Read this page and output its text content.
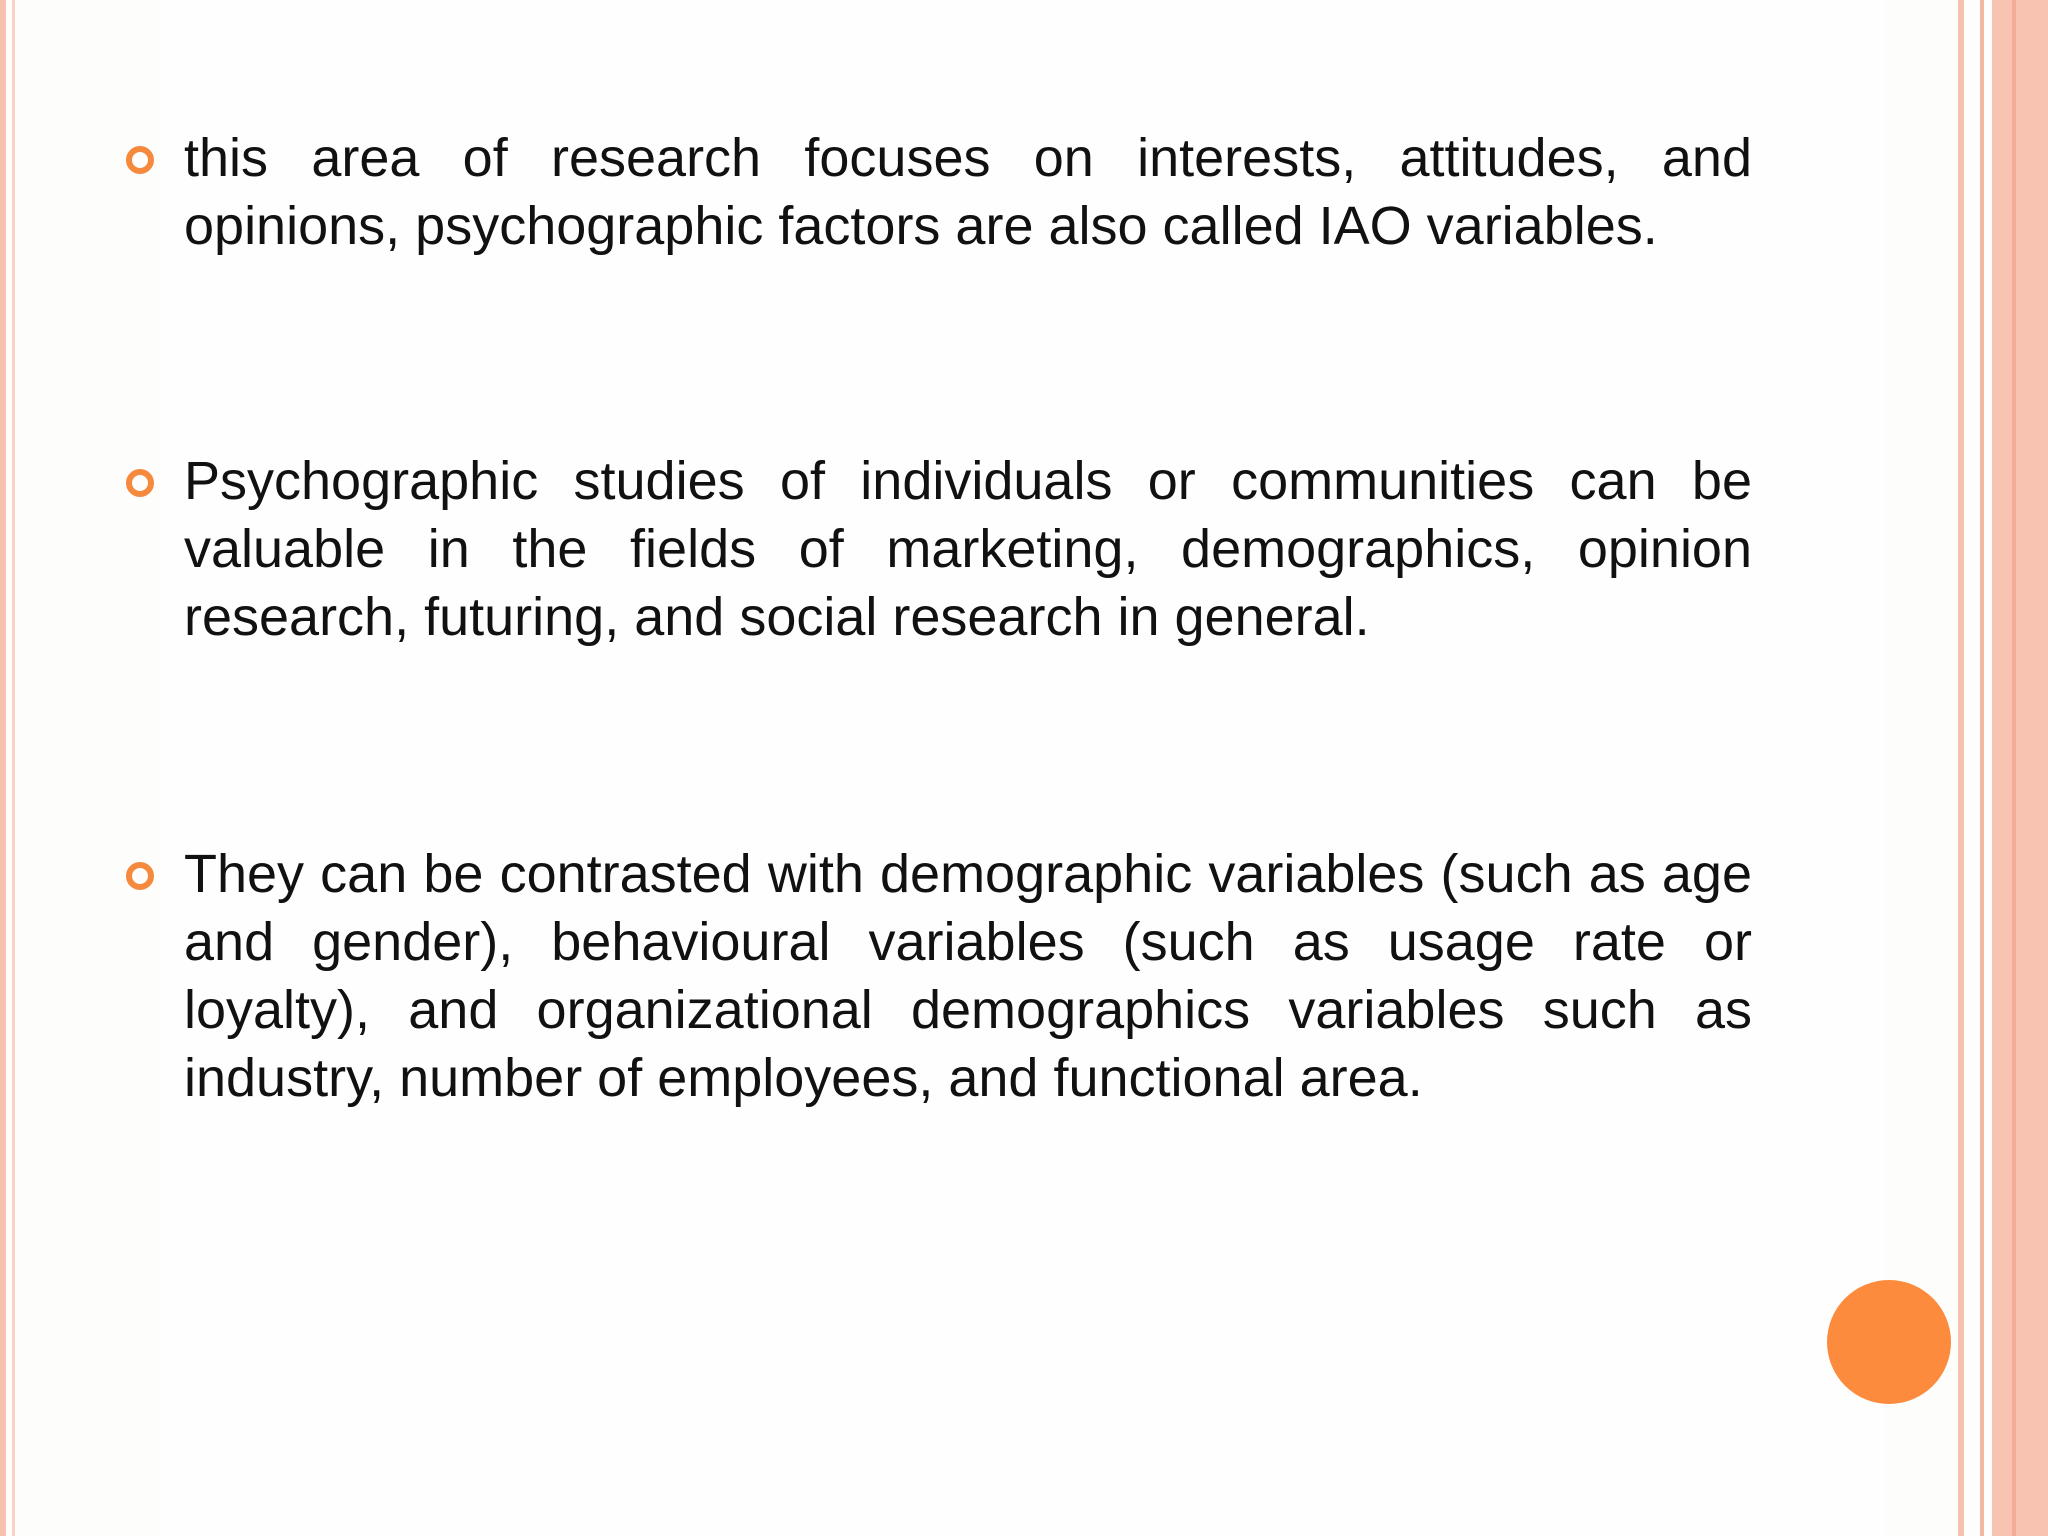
this area of research focuses on interests, attitudes, and opinions, psychographic factors are also called IAO variables.

Psychographic studies of individuals or communities can be valuable in the fields of marketing, demographics, opinion research, futuring, and social research in general.

They can be contrasted with demographic variables (such as age and gender), behavioural variables (such as usage rate or loyalty), and organizational demographics variables such as industry, number of employees, and functional area.
